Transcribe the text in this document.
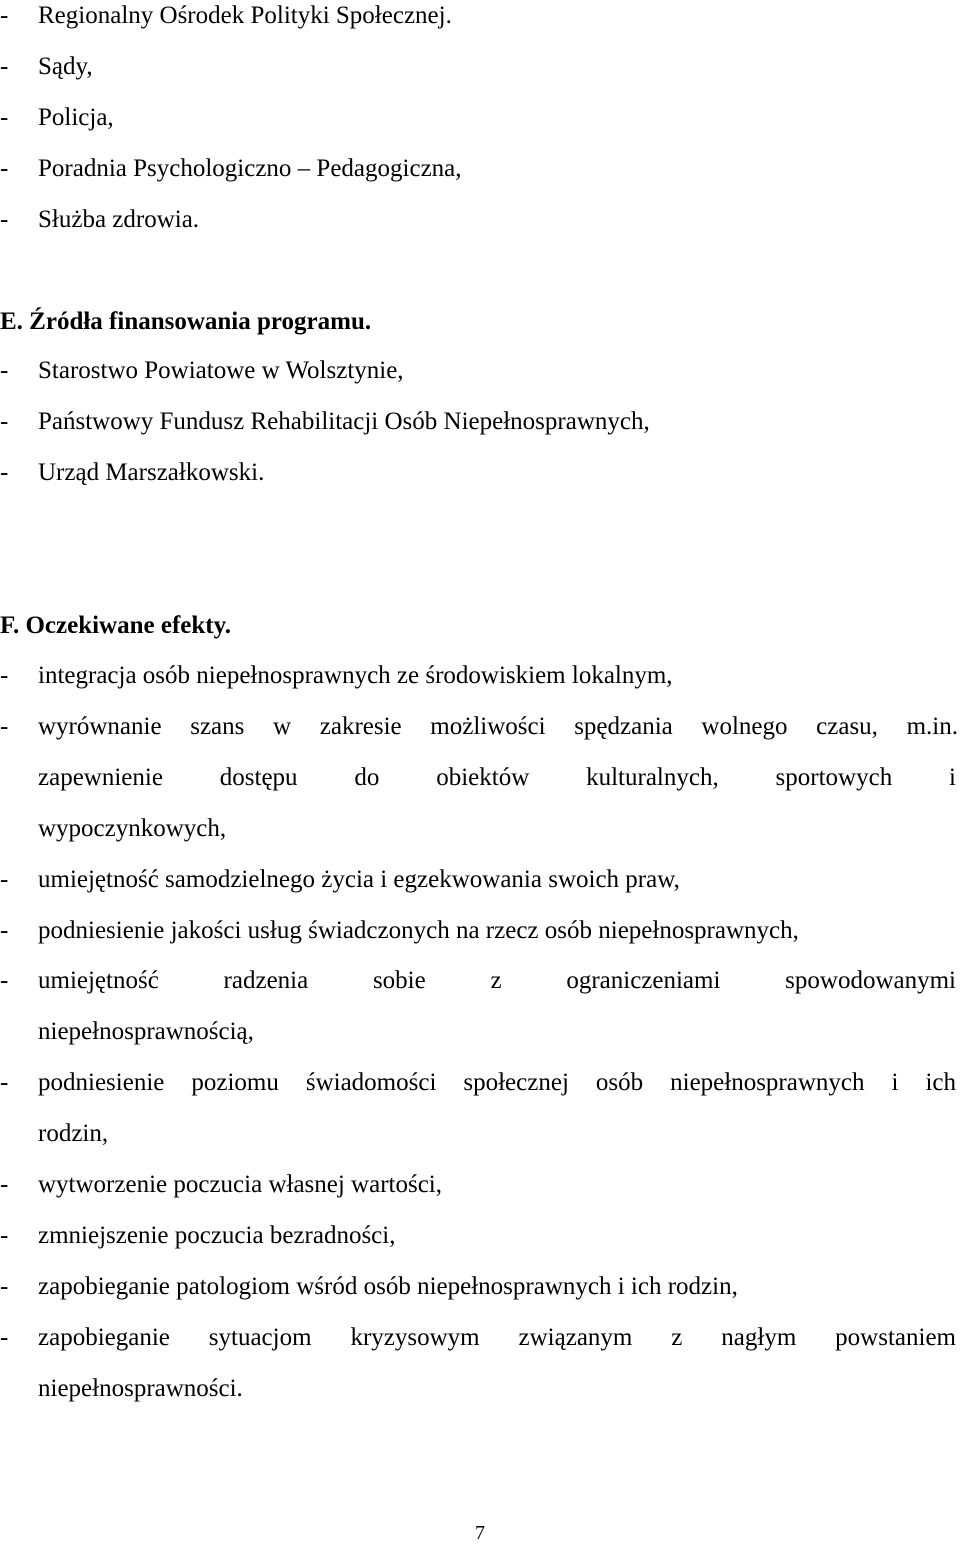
-	Regionalny Ośrodek Polityki Społecznej.
-	Sądy,
-	Policja,
-	Poradnia Psychologiczno – Pedagogiczna,
-	Służba zdrowia.
E. Źródła finansowania programu.
-	Starostwo Powiatowe w Wolsztynie,
-	Państwowy Fundusz Rehabilitacji Osób Niepełnosprawnych,
-	Urząd Marszałkowski.
F. Oczekiwane efekty.
-	integracja osób niepełnosprawnych ze środowiskiem lokalnym,
-	wyrównanie szans w zakresie możliwości spędzania wolnego czasu, m.in.
zapewnienie dostępu do obiektów kulturalnych, sportowych i
wypoczynkowych,
-	umiejętność samodzielnego życia i egzekwowania swoich praw,
-	podniesienie jakości usług świadczonych na rzecz osób niepełnosprawnych,
-	umiejętność radzenia sobie z ograniczeniami spowodowanymi
niepełnosprawnością,
-	podniesienie poziomu świadomości społecznej osób niepełnosprawnych i ich
rodzin,
-	wytworzenie poczucia własnej wartości,
-	zmniejszenie poczucia bezradności,
-	zapobieganie patologiom wśród osób niepełnosprawnych i ich rodzin,
-	zapobieganie sytuacjom kryzysowym związanym z nagłym powstaniem
niepełnosprawności.
7
